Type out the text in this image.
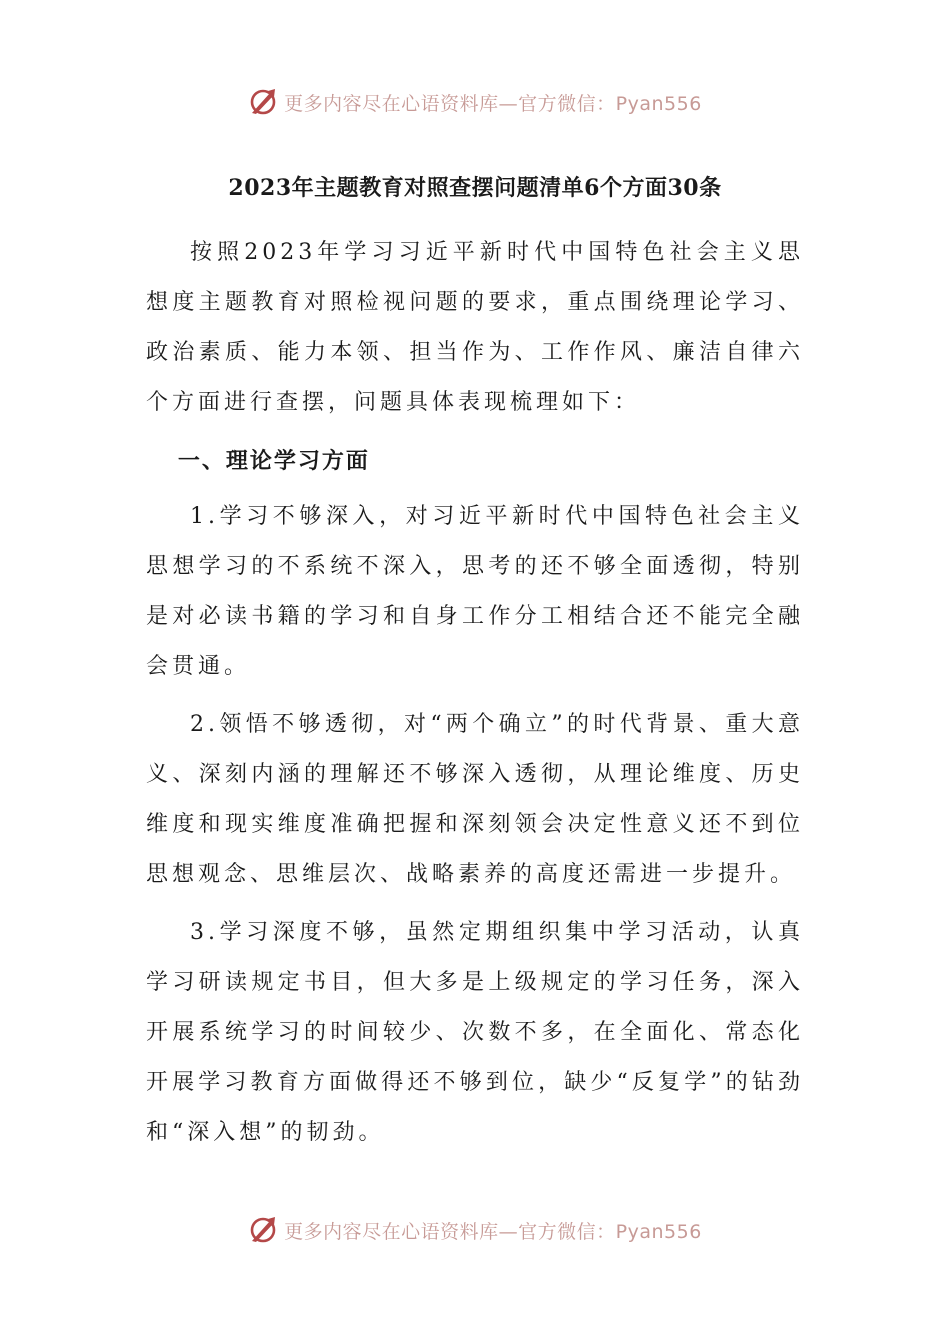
更多内容尽在心语资料库—官方微信：Pyan556
2023年主题教育对照查摆问题清单6个方面30条

按照2023年学习习近平新时代中国特色社会主义思想度主题教育对照检视问题的要求，重点围绕理论学习、政治素质、能力本领、担当作为、工作作风、廉洁自律六个方面进行查摆，问题具体表现梳理如下：

一、理论学习方面

1.学习不够深入，对习近平新时代中国特色社会主义思想学习的不系统不深入，思考的还不够全面透彻，特别是对必读书籍的学习和自身工作分工相结合还不能完全融会贯通。

2.领悟不够透彻，对“两个确立”的时代背景、重大意义、深刻内涵的理解还不够深入透彻，从理论维度、历史维度和现实维度准确把握和深刻领会决定性意义还不到位思想观念、思维层次、战略素养的高度还需进一步提升。

3.学习深度不够，虽然定期组织集中学习活动，认真学习研读规定书目，但大多是上级规定的学习任务，深入开展系统学习的时间较少、次数不多，在全面化、常态化开展学习教育方面做得还不够到位，缺少“反复学”的钻劲和“深入想”的韧劲。

更多内容尽在心语资料库—官方微信：Pyan556
